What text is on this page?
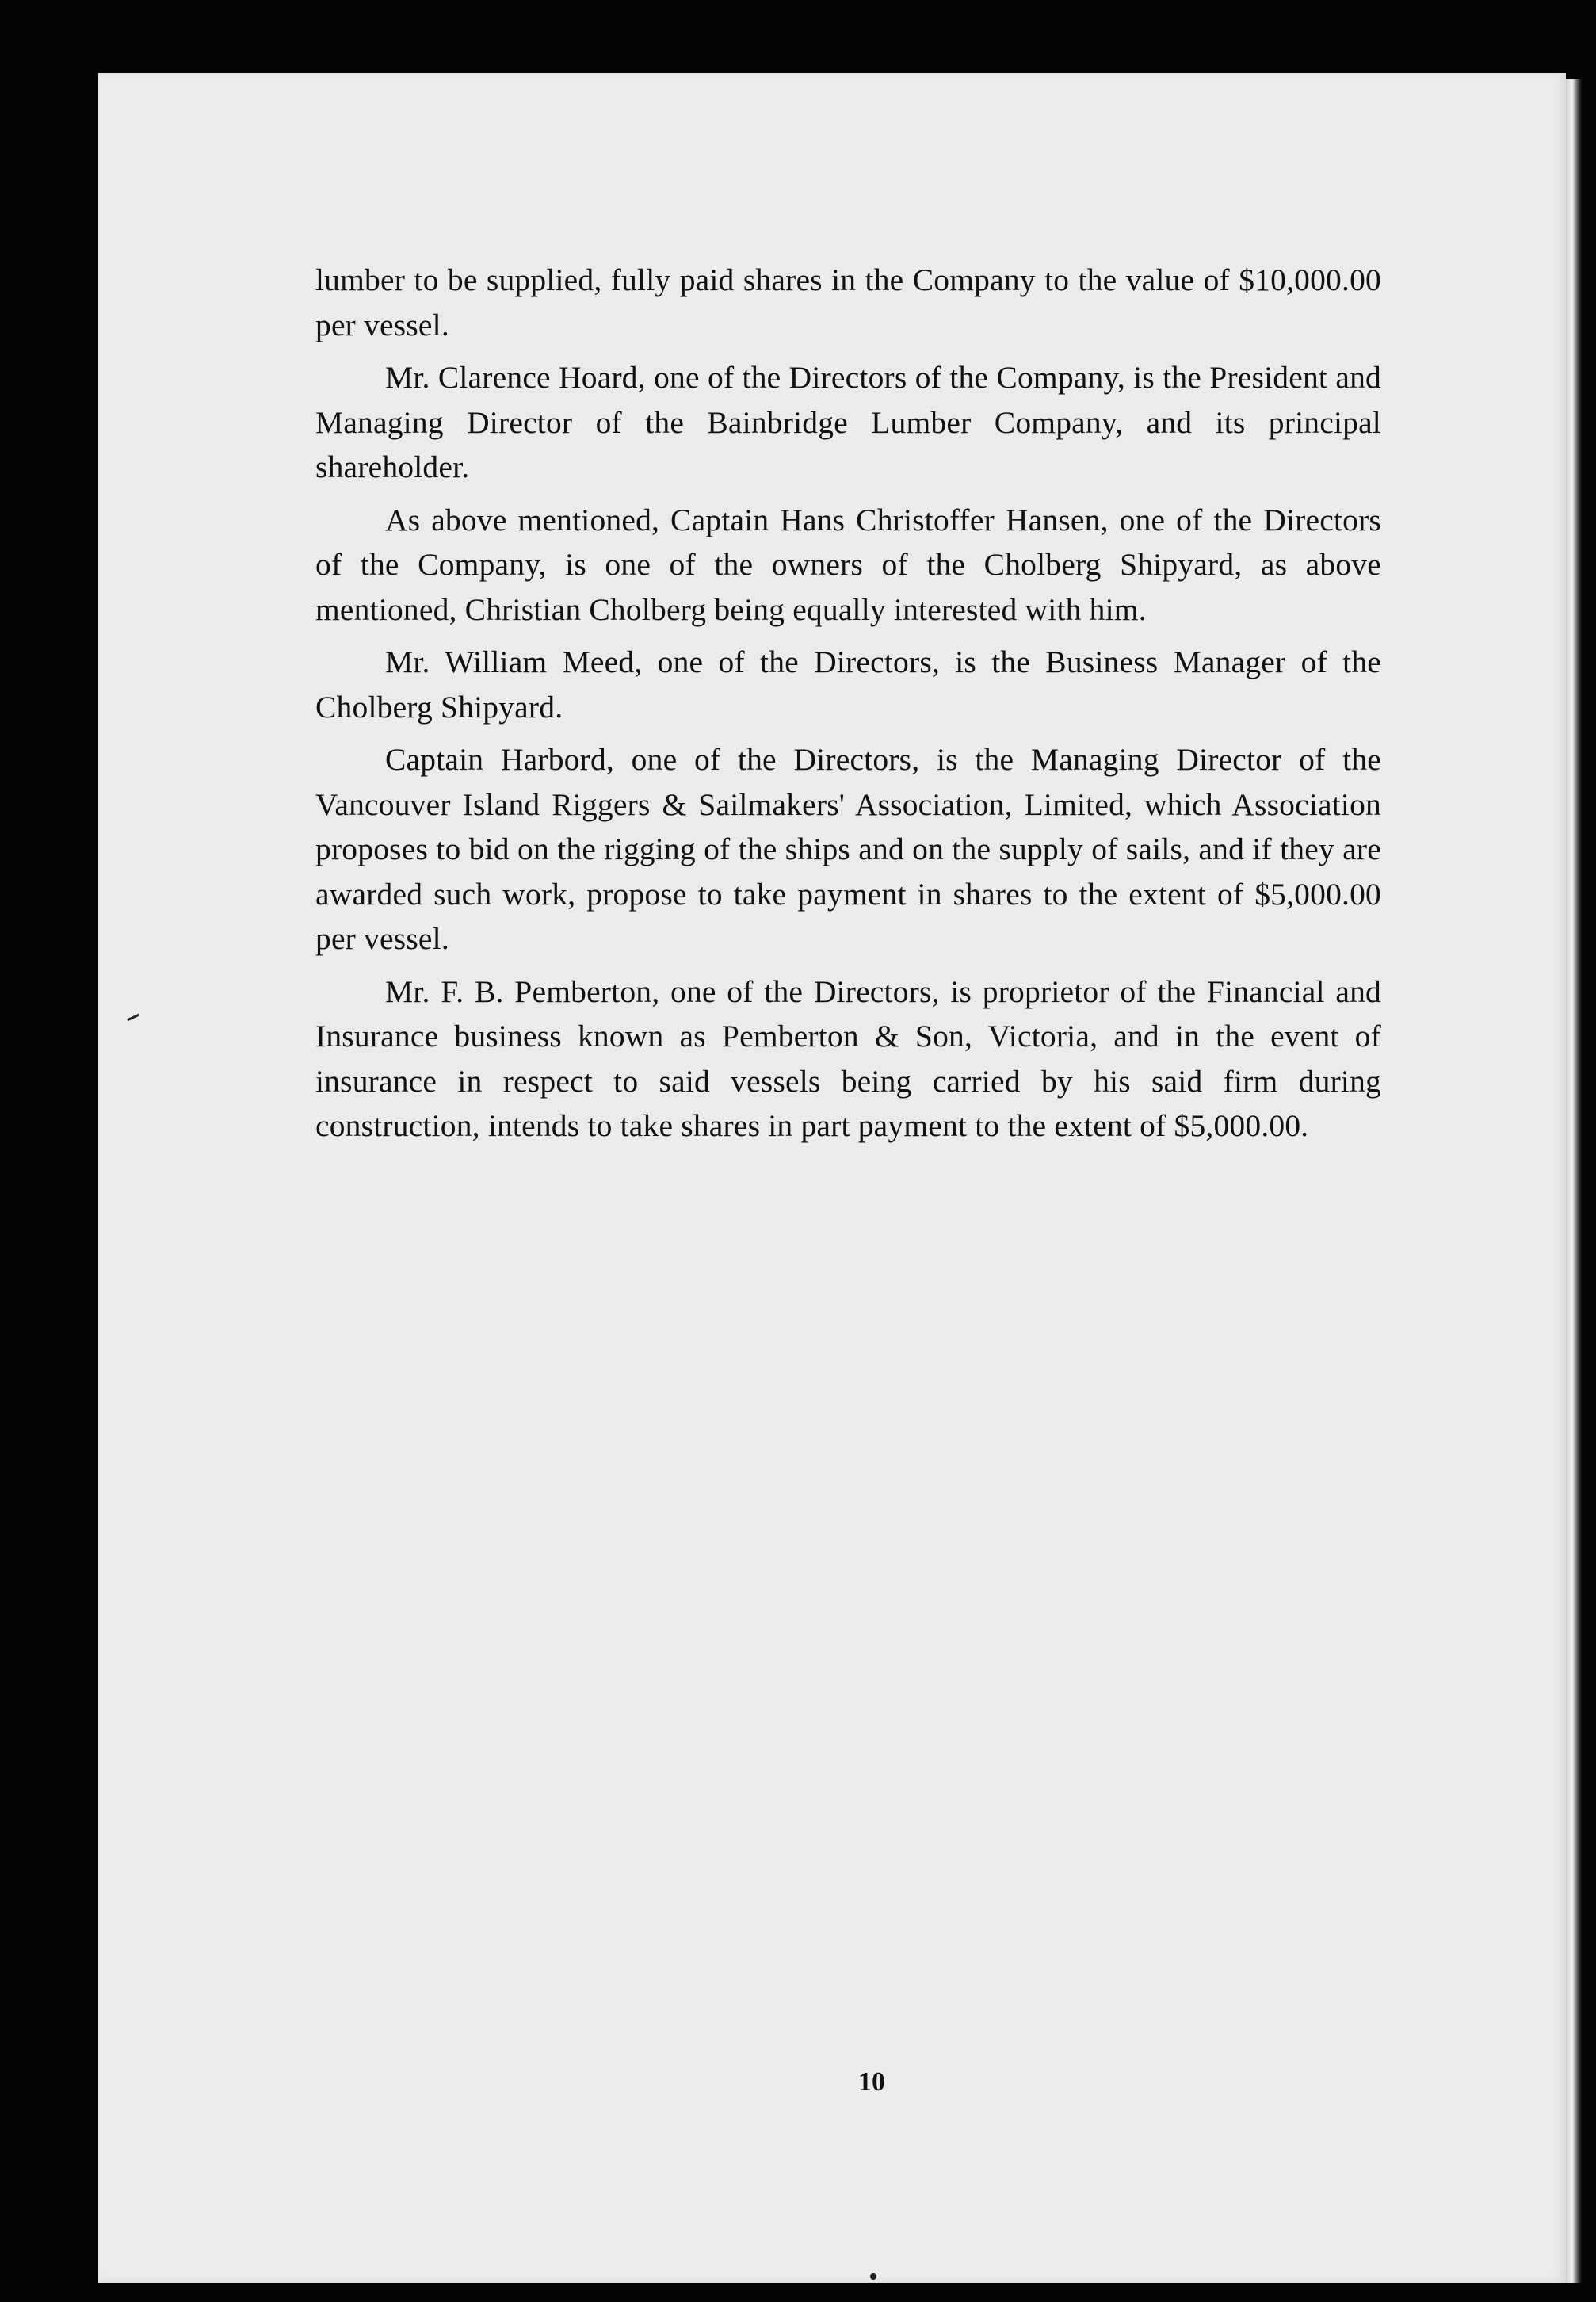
lumber to be supplied, fully paid shares in the Company to the value of $10,000.00 per vessel.

Mr. Clarence Hoard, one of the Directors of the Company, is the President and Managing Director of the Bainbridge Lumber Company, and its principal shareholder.

As above mentioned, Captain Hans Christoffer Hansen, one of the Directors of the Company, is one of the owners of the Cholberg Shipyard, as above mentioned, Christian Cholberg being equally interested with him.

Mr. William Meed, one of the Directors, is the Business Manager of the Cholberg Shipyard.

Captain Harbord, one of the Directors, is the Managing Director of the Vancouver Island Riggers & Sailmakers' Association, Limited, which Association proposes to bid on the rigging of the ships and on the supply of sails, and if they are awarded such work, propose to take payment in shares to the extent of $5,000.00 per vessel.

Mr. F. B. Pemberton, one of the Directors, is proprietor of the Financial and Insurance business known as Pemberton & Son, Victoria, and in the event of insurance in respect to said vessels being carried by his said firm during construction, intends to take shares in part payment to the extent of $5,000.00.

10
